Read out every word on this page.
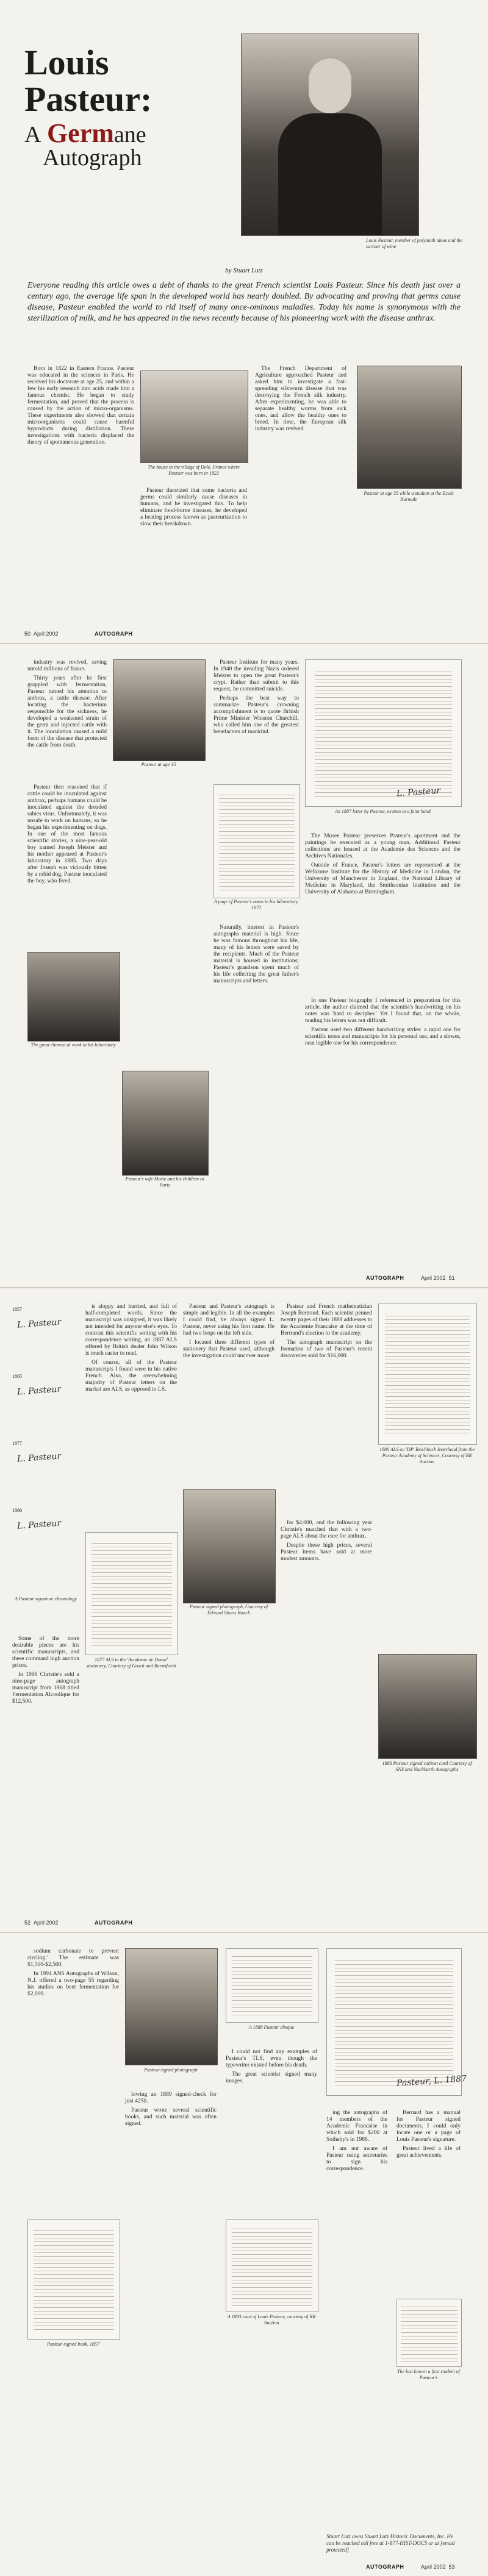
Louis
Pasteur:
A Germane
Autograph
Louis Pasteur, member of polymath ideas and the saviour of wine
by Stuart Lutz
Everyone reading this article owes a debt of thanks to the great French scientist Louis Pasteur. Since his death just over a century ago, the average life span in the developed world has nearly doubled. By advocating and proving that germs cause disease, Pasteur enabled the world to rid itself of many once-ominous maladies. Today his name is synonymous with the sterilization of milk, and he has appeared in the news recently because of his pioneering work with the disease anthrax.

Born in 1822 in Eastern France, Pasteur was educated in the sciences in Paris. He received his doctorate at age 25, and within a few his early research into acids made him a famous chemist. He began to study fermentation, and proved that the process is caused by the action of micro-organisms. These experiments also showed that certain microorganisms could cause harmful byproducts during distillation. These investigations with bacteria displaced the theory of spontaneous generation.

The house in the village of Dole, France where Pasteur was born in 1822

Pasteur theorized that some bacteria and germs could similarly cause diseases in humans, and he investigated this. To help eliminate food-borne diseases, he developed a heating process known as pasteurization to slow their breakdown.

The French Department of Agriculture approached Pasteur and asked him to investigate a fast-spreading silkworm disease that was destroying the French silk industry. After experimenting, he was able to separate healthy worms from sick ones, and allow the healthy ones to breed. In time, the European silk industry was revived.

Pasteur at age 35 while a student at the Ecole Normale
50 April 2002	AUTOGRAPH

industry was revived, saving untold millions of francs.

Thirty years after he first grappled with fermentation, Pasteur turned his attention to anthrax, a cattle disease. After locating the bacterium responsible for the sickness, he developed a weakened strain of the germ and injected cattle with it. The inoculation caused a mild form of the disease that protected the cattle from death.

Pasteur at age 35

Pasteur then reasoned that if cattle could be inoculated against anthrax, perhaps humans could be inoculated against the dreaded rabies virus. Unfortunately, it was unsafe to work on humans, so he began his experimenting on dogs. In one of the most famous scientific stories, a nine-year-old boy named Joseph Meister and his mother appeared at Pasteur's laboratory in 1885. Two days after Joseph was viciously bitten by a rabid dog, Pasteur inoculated the boy, who lived.

The great chemist at work in his laboratory
Pasteur's wife Marie and his children in Paris

Pasteur Institute for many years. In 1940 the invading Nazis ordered Meister to open the great Pasteur's crypt. Rather than submit to this request, he committed suicide.

Perhaps the best way to summarize Pasteur's crowning accomplishment is to quote British Prime Minister Winston Churchill, who called him one of the greatest benefactors of mankind.

A page of Pasteur's notes in his laboratory, 1872

Naturally, interest in Pasteur's autographs material is high. Since he was famous throughout his life, many of his letters were saved by the recipients. Much of the Pasteur material is housed in institutions; Pasteur's grandson spent much of his life collecting the great father's manuscripts and letters.

L. Pasteur
An 1887 letter by Pasteur, written in a faint hand

The Musee Pasteur preserves Pasteur's apartment and the paintings he executed as a young man. Additional Pasteur collections are housed at the Academie des Sciences and the Archives Nationales.

Outside of France, Pasteur's letters are represented at the Wellcome Institute for the History of Medicine in London, the University of Manchester in England, the National Library of Medicine in Maryland, the Smithsonian Institution and the University of Alabama at Birmingham.

In one Pasteur biography I referenced in preparation for this article, the author claimed that the scientist's handwriting on his notes was 'hard to decipher.' Yet I found that, on the whole, reading his letters was not difficult.

Pasteur used two different handwriting styles: a rapid one for scientific notes and manuscripts for his personal use, and a slower, neat legible one for his correspondence.

AUTOGRAPH	April 2002 51
1857
L. Pasteur
1865
L. Pasteur
1877
L. Pasteur
1886
L. Pasteur
A Pasteur signature chronology

Some of the more desirable pieces are his scientific manuscripts, and these command high auction prices.

In 1996 Christie's sold a nine-page autograph manuscript from 1868 titled Fermentation Alcoolique for $12,500.

is sloppy and hurried, and full of half-completed words. Since the manuscript was unsigned, it was likely not intended for anyone else's eyes. To contrast this scientific writing with his correspondence writing, an 1887 ALS offered by British dealer John Wilson is much easier to read.

Of course, all of the Pasteur manuscripts I found were in his native French. Also, the overwhelming majority of Pasteur letters on the market are ALS, as opposed to LS.

1877 ALS to the 'Academie de Douai' stationery, Courtesy of Gosch and Ruenkforth

Pasteur and Pasteur's autograph is simple and legible. In all the examples I could find, he always signed L. Pasteur, never using his first name. He had two loops on the left side.

I located three different types of stationery that Pasteur used, although the investigation could uncover more.

Pasteur signed photograph, Courtesy of Edward Shorts Roach

Pasteur and French mathematician Joseph Bertrand. Each scientist penned twenty pages of their 1889 addresses to the Academie Francaise at the time of Bertrand's election to the academy.

The autograph manuscript on the formation of two of Pasteur's recent discoveries sold for $16,000.

1886 ALS on 'DP' Reichbach letterhead from the Pasteur Academy of Sciences, Courtesy of RR Auction

for $4,000, and the following year Christie's matched that with a two-page ALS about the cure for anthrax.

Despite these high prices, several Pasteur items have sold at more modest amounts.

1886 Pasteur signed cabinet card Courtesy of SNS and Nachbarth Autographs
52 April 2002	AUTOGRAPH

sodium carbonate to prevent circling.' The estimate was $1,500-$2,500.

In 1994 ANS Autographs of Wilson, N.J. offered a two-page 55 regarding his studies on beet fermentation for $2,000.

Pasteur-signed book, 1857
Pasteur-signed photograph

lowing an 1889 signed-check for just 4250.

Pasteur wrote several scientific books, and such material was often signed.

A 1888 Pasteur cheque

I could not find any examples of Pasteur's TLS, even though the typewriter existed before his death.

The great scientist signed many images.

A 1893 card of Louis Pasteur, courtesy of RR Auction
Pasteur, L. 1887

ing the autographs of 14 members of the Academic Francaise in which sold for $200 at Sotheby's in 1986.

I am not aware of Pasteur using secretaries to sign his correspondence.

Bernard has a manual for Pasteur signed documents. I could only locate one or a page of Louis Pasteur's signature.

Pasteur lived a life of great achievements.

The last known a first student of Pasteur's
Stuart Lutz owns Stuart Lutz Historic Documents, Inc. He can be reached toll free at 1-877-HIST-DOCS or at [email protected]
AUTOGRAPH	April 2002 53
